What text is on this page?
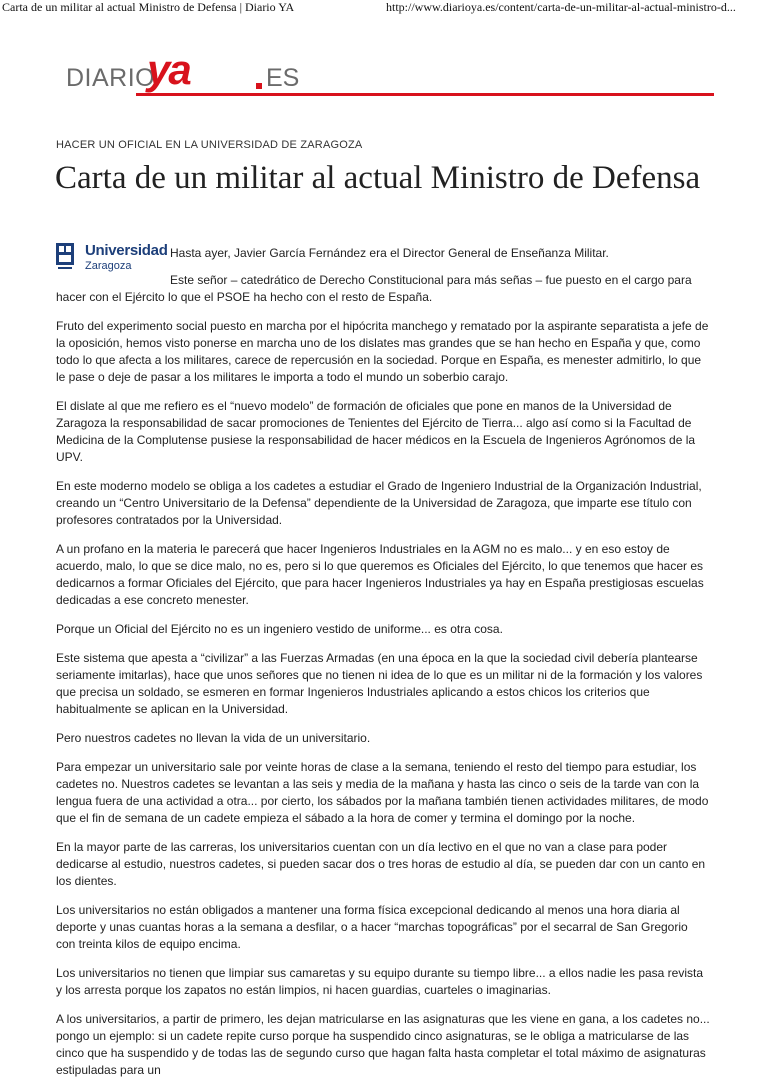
Carta de un militar al actual Ministro de Defensa | Diario YA	http://www.diarioya.es/content/carta-de-un-militar-al-actual-ministro-d...
DIARIO
ya	ES
HACER UN OFICIAL EN LA UNIVERSIDAD DE ZARAGOZA
Carta de un militar al actual Ministro de Defensa
Universidad
Zaragoza

Hasta ayer, Javier García Fernández era el Director General de Enseñanza Militar.

Este señor – catedrático de Derecho Constitucional para más señas – fue puesto en el cargo para hacer con el Ejército lo que el PSOE ha hecho con el resto de España.

Fruto del experimento social puesto en marcha por el hipócrita manchego y rematado por la aspirante separatista a jefe de la oposición, hemos visto ponerse en marcha uno de los dislates mas grandes que se han hecho en España y que, como todo lo que afecta a los militares, carece de repercusión en la sociedad. Porque en España, es menester admitirlo, lo que le pase o deje de pasar a los militares le importa a todo el mundo un soberbio carajo.

El dislate al que me refiero es el “nuevo modelo” de formación de oficiales que pone en manos de la Universidad de Zaragoza la responsabilidad de sacar promociones de Tenientes del Ejército de Tierra... algo así como si la Facultad de Medicina de la Complutense pusiese la responsabilidad de hacer médicos en la Escuela de Ingenieros Agrónomos de la UPV.

En este moderno modelo se obliga a los cadetes a estudiar el Grado de Ingeniero Industrial de la Organización Industrial, creando un “Centro Universitario de la Defensa” dependiente de la Universidad de Zaragoza, que imparte ese título con profesores contratados por la Universidad.

A un profano en la materia le parecerá que hacer Ingenieros Industriales en la AGM no es malo... y en eso estoy de acuerdo, malo, lo que se dice malo, no es, pero si lo que queremos es Oficiales del Ejército, lo que tenemos que hacer es dedicarnos a formar Oficiales del Ejército, que para hacer Ingenieros Industriales ya hay en España prestigiosas escuelas dedicadas a ese concreto menester.

Porque un Oficial del Ejército no es un ingeniero vestido de uniforme... es otra cosa.

Este sistema que apesta a “civilizar” a las Fuerzas Armadas (en una época en la que la sociedad civil debería plantearse seriamente imitarlas), hace que unos señores que no tienen ni idea de lo que es un militar ni de la formación y los valores que precisa un soldado, se esmeren en formar Ingenieros Industriales aplicando a estos chicos los criterios que habitualmente se aplican en la Universidad.

Pero nuestros cadetes no llevan la vida de un universitario.

Para empezar un universitario sale por veinte horas de clase a la semana, teniendo el resto del tiempo para estudiar, los cadetes no. Nuestros cadetes se levantan a las seis y media de la mañana y hasta las cinco o seis de la tarde van con la lengua fuera de una actividad a otra... por cierto, los sábados por la mañana también tienen actividades militares, de modo que el fin de semana de un cadete empieza el sábado a la hora de comer y termina el domingo por la noche.

En la mayor parte de las carreras, los universitarios cuentan con un día lectivo en el que no van a clase para poder dedicarse al estudio, nuestros cadetes, si pueden sacar dos o tres horas de estudio al día, se pueden dar con un canto en los dientes.

Los universitarios no están obligados a mantener una forma física excepcional dedicando al menos una hora diaria al deporte y unas cuantas horas a la semana a desfilar, o a hacer “marchas topográficas” por el secarral de San Gregorio con treinta kilos de equipo encima.

Los universitarios no tienen que limpiar sus camaretas y su equipo durante su tiempo libre... a ellos nadie les pasa revista y los arresta porque los zapatos no están limpios, ni hacen guardias, cuarteles o imaginarias.

A los universitarios, a partir de primero, les dejan matricularse en las asignaturas que les viene en gana, a los cadetes no... pongo un ejemplo: si un cadete repite curso porque ha suspendido cinco asignaturas, se le obliga a matricularse de las cinco que ha suspendido y de todas las de segundo curso que hagan falta hasta completar el total máximo de asignaturas estipuladas para un
